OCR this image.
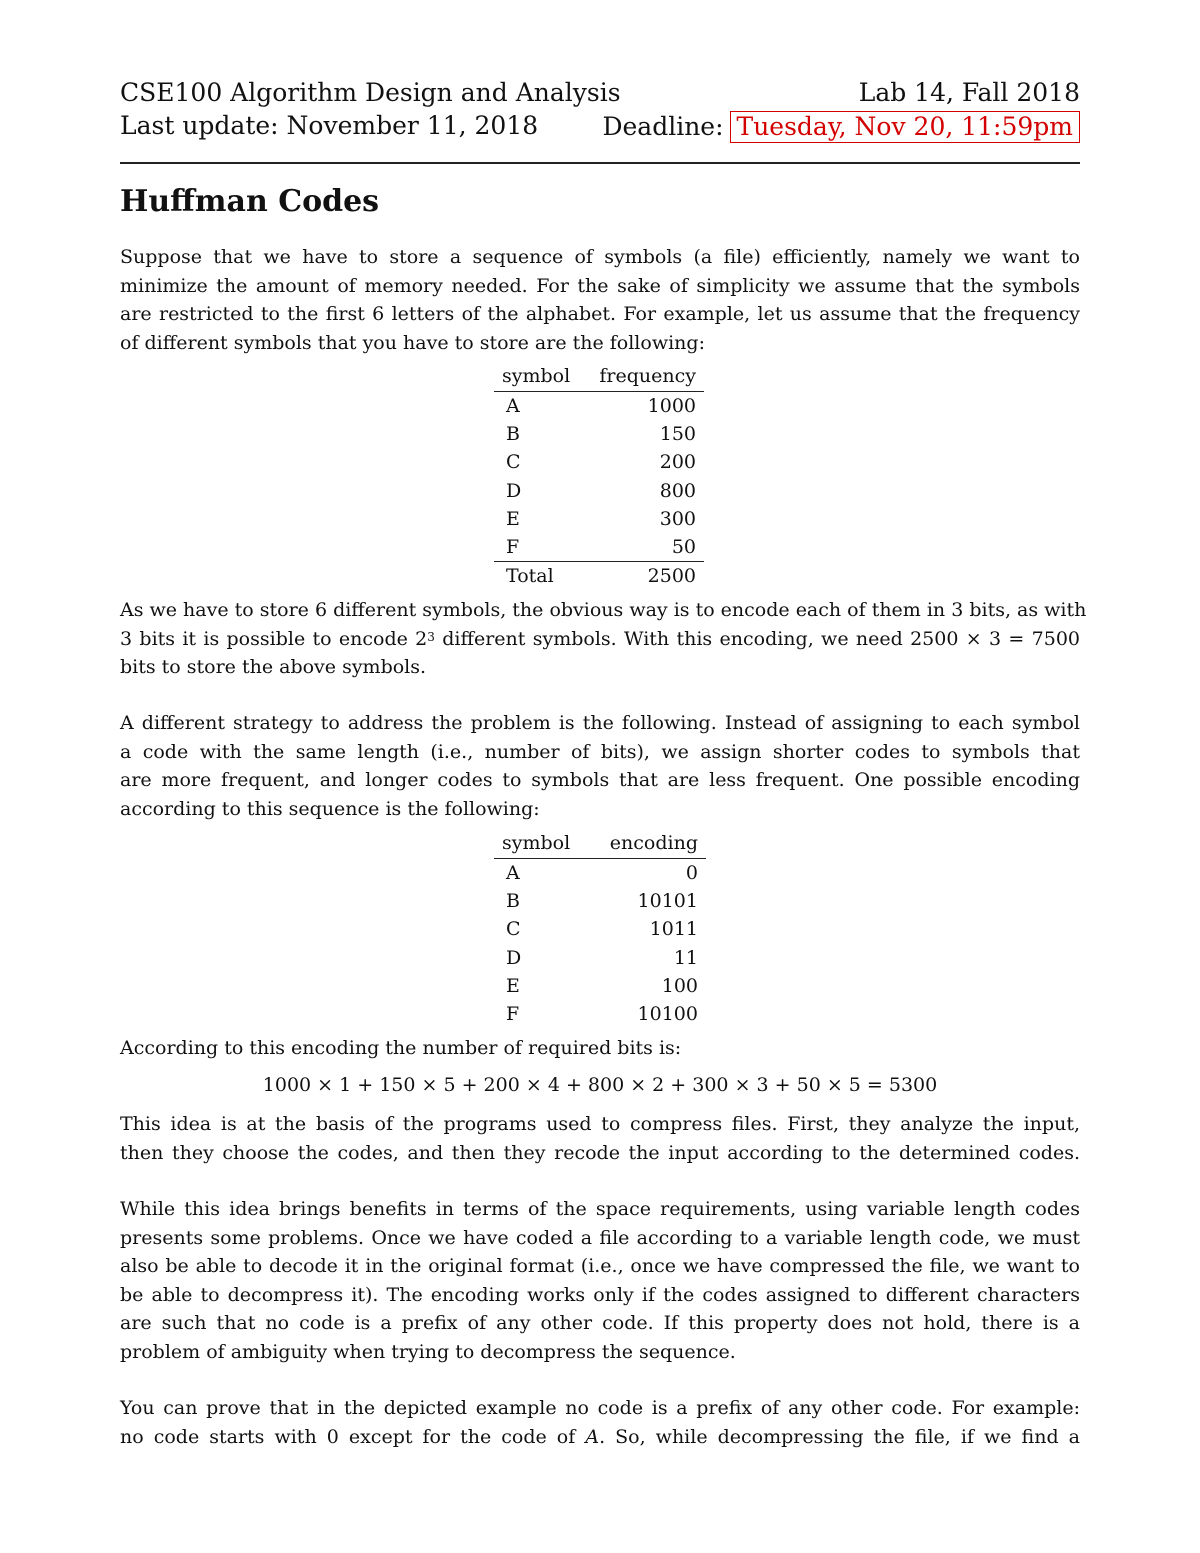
CSE100 Algorithm Design and Analysis	Lab 14, Fall 2018
Last update: November 11, 2018	Deadline: Tuesday, Nov 20, 11:59pm
Huffman Codes
Suppose that we have to store a sequence of symbols (a file) efficiently, namely we want to
minimize the amount of memory needed. For the sake of simplicity we assume that the symbols
are restricted to the first 6 letters of the alphabet. For example, let us assume that the frequency
of different symbols that you have to store are the following:
symbol	frequency
A	1000
B	150
C	200
D	800
E	300
F	50
Total	2500
As we have to store 6 different symbols, the obvious way is to encode each of them in 3 bits, as with
3 bits it is possible to encode $2^3$ different symbols. With this encoding, we need 2500 × 3 = 7500
bits to store the above symbols.
A different strategy to address the problem is the following. Instead of assigning to each symbol
a code with the same length (i.e., number of bits), we assign shorter codes to symbols that
are more frequent, and longer codes to symbols that are less frequent. One possible encoding
according to this sequence is the following:
symbol	encoding
A	0
B	10101
C	1011
D	11
E	100
F	10100
According to this encoding the number of required bits is:
1000 × 1 + 150 × 5 + 200 × 4 + 800 × 2 + 300 × 3 + 50 × 5 = 5300
This idea is at the basis of the programs used to compress files. First, they analyze the input,
then they choose the codes, and then they recode the input according to the determined codes.
While this idea brings benefits in terms of the space requirements, using variable length codes
presents some problems. Once we have coded a file according to a variable length code, we must
also be able to decode it in the original format (i.e., once we have compressed the file, we want to
be able to decompress it). The encoding works only if the codes assigned to different characters
are such that no code is a prefix of any other code. If this property does not hold, there is a
problem of ambiguity when trying to decompress the sequence.
You can prove that in the depicted example no code is a prefix of any other code. For example:
no code starts with 0 except for the code of A. So, while decompressing the file, if we find a
